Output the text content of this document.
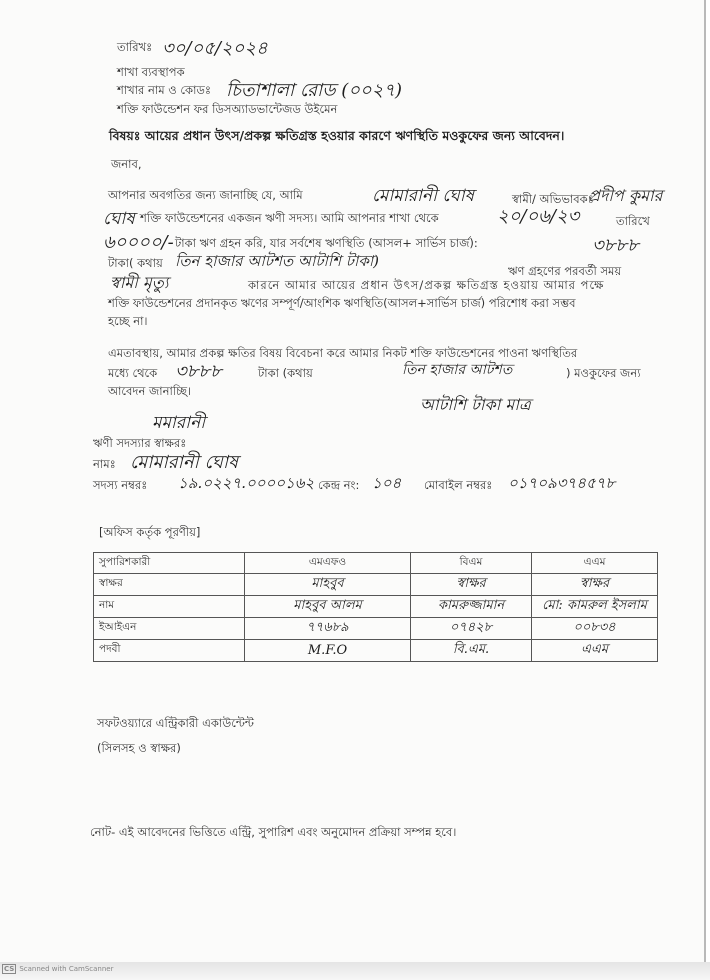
তারিখঃ ৩০/০৫/২০২৪
শাখা ব্যবস্থাপক
শাখার নাম ও কোডঃ চিতাশালা রোড (০০২৭)
শক্তি ফাউন্ডেশন ফর ডিসঅ্যাডভান্টেজড উইমেন
বিষয়ঃ আয়ের প্রধান উৎস/প্রকল্প ক্ষতিগ্রস্ত হওয়ার কারণে ঋণস্থিতি মওকুফের জন্য আবেদন।
জনাব,
আপনার অবগতির জন্য জানাচ্ছি যে, আমি	মোমারানী ঘোষ	স্বামী/ অভিভাবকঃ
প্রদীপ কুমার
ঘোষ শক্তি ফাউন্ডেশনের একজন ঋণী সদস্য। আমি আপনার শাখা থেকে	২০/০৬/২৩	তারিখে
৬০০০০/- টাকা ঋণ গ্রহন করি, যার সর্বশেষ ঋণস্থিতি (আসল+ সার্ভিস চার্জ):	৩৮৮৮
টাকা( কথায় তিন হাজার আটশত আটাশি টাকা)
ঋণ গ্রহণের পরবর্তী সময়
স্বামী মৃত্যু	কারনে আমার আয়ের প্রধান উৎস/প্রকল্প ক্ষতিগ্রস্ত হওয়ায় আমার পক্ষে
শক্তি ফাউন্ডেশনের প্রদানকৃত ঋণের সম্পূর্ণ/আংশিক ঋণস্থিতি(আসল+সার্ভিস চার্জ) পরিশোধ করা সম্ভব
হচ্ছে না।
এমতাবস্থায়, আমার প্রকল্প ক্ষতির বিষয় বিবেচনা করে আমার নিকট শক্তি ফাউন্ডেশনের পাওনা ঋণস্থিতির
মধ্যে থেকে ৩৮৮৮	টাকা (কথায়	তিন হাজার আটশত	) মওকুফের জন্য
আবেদন জানাচ্ছি।
আটাশি টাকা মাত্র
মমারানী
ঋণী সদস্যার স্বাক্ষরঃ
নামঃ মোমারানী ঘোষ
সদস্য নম্বরঃ ১৯.০২২৭.০০০০১৬২ কেন্দ্র নং: ১০৪ মোবাইল নম্বরঃ ০১৭০৯৩৭৪৫৭৮
[অফিস কর্তৃক পূরণীয়]
সুপারিশকারী	এমএফও	বিএম	এএম
স্বাক্ষর	মাহবুব	স্বাক্ষর	স্বাক্ষর
নাম	মাহবুব আলম	কামরুজ্জামান	মো: কামরুল ইসলাম
ইআইএন	৭৭৬৮৯	০৭৪২৮	০০৮৩৪
পদবী	M.F.O	বি.এম.	এএম
সফটওয়্যারে এন্ট্রিকারী একাউন্টেন্ট
(সিলসহ ও স্বাক্ষর)
নোট- এই আবেদনের ভিত্তিতে এন্ট্রি, সুপারিশ এবং অনুমোদন প্রক্রিয়া সম্পন্ন হবে।
CS Scanned with CamScanner
